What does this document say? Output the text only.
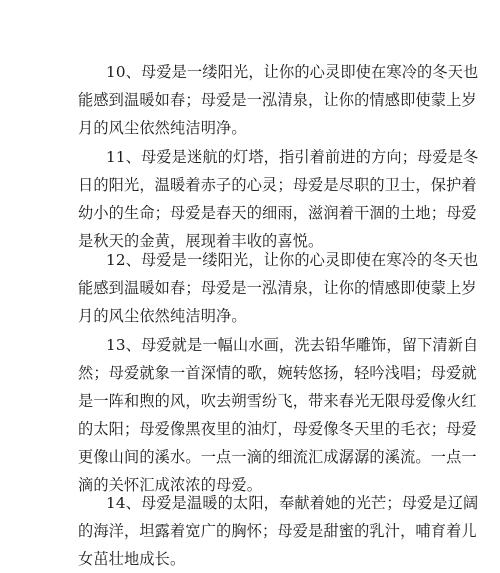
10、母爱是一缕阳光，让你的心灵即使在寒冷的冬天也
能感到温暖如春；母爱是一泓清泉，让你的情感即使蒙上岁
月的风尘依然纯洁明净。
11、母爱是迷航的灯塔，指引着前进的方向；母爱是冬
日的阳光，温暖着赤子的心灵；母爱是尽职的卫士，保护着
幼小的生命；母爱是春天的细雨，滋润着干涸的土地；母爱
是秋天的金黄，展现着丰收的喜悦。
12、母爱是一缕阳光，让你的心灵即使在寒冷的冬天也
能感到温暖如春；母爱是一泓清泉，让你的情感即使蒙上岁
月的风尘依然纯洁明净。
13、母爱就是一幅山水画，洗去铅华雕饰，留下清新自
然；母爱就象一首深情的歌，婉转悠扬，轻吟浅唱；母爱就
是一阵和煦的风，吹去朔雪纷飞，带来春光无限母爱像火红
的太阳；母爱像黑夜里的油灯，母爱像冬天里的毛衣；母爱
更像山间的溪水。一点一滴的细流汇成潺潺的溪流。一点一
滴的关怀汇成浓浓的母爱。
14、母爱是温暖的太阳，奉献着她的光芒；母爱是辽阔
的海洋，坦露着宽广的胸怀；母爱是甜蜜的乳汁，哺育着儿
女茁壮地成长。
